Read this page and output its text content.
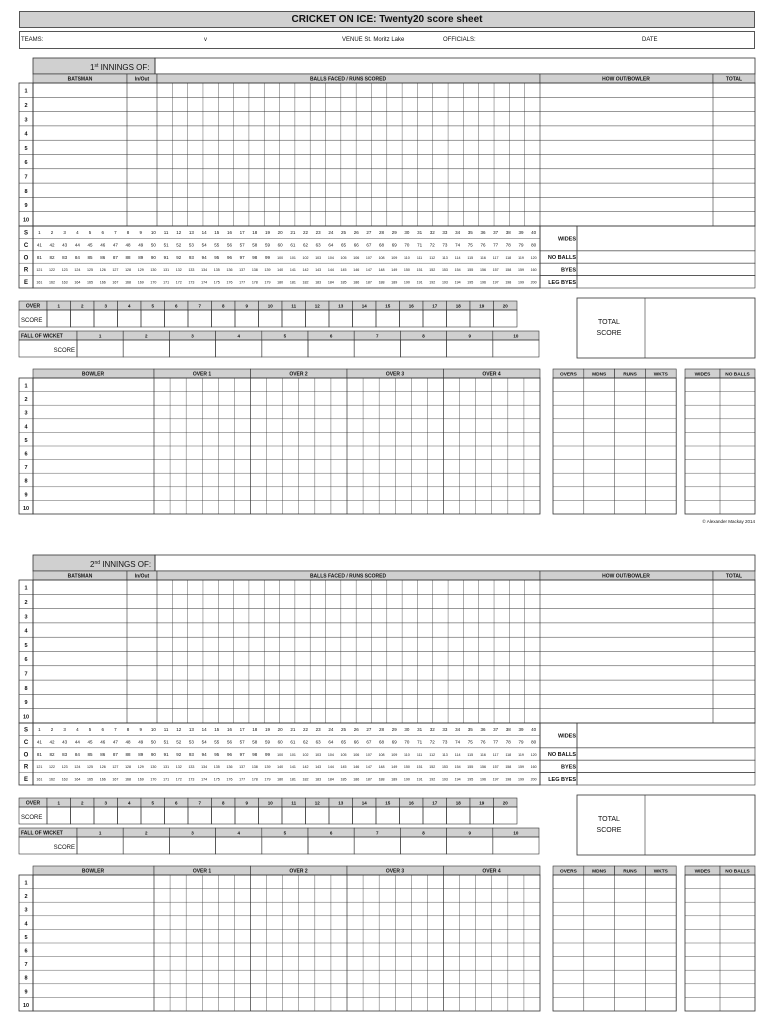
CRICKET ON ICE: Twenty20 score sheet
TEAMS:	v	VENUE St. Moritz Lake	OFFICIALS:	DATE
1st INNINGS OF:
BATSMAN	In/Out	BALLS FACED / RUNS SCORED	HOW OUT/BOWLER	TOTAL
1
2
3
4
5
6
7
8
9
10
S 1 2 3 4 5 6 7 8 9 10 11 12 13 14 15 16 17 18 19 20 21 22 23 24 25 26 27 28 29 30 31 32 33 34 35 36 37 38 39 40
C 41 42 43 44 45 46 47 48 49 50 51 52 53 54 55 56 57 58 59 60 61 62 63 64 65 66 67 68 69 70 71 72 73 74 75 76 77 78 79 80
O 81 82 83 84 85 86 87 88 89 90 91 92 93 94 95 96 97 98 99 100 101 102 103 104 105 106 107 108 109 110 111 112 113 114 115 116 117 118 119 120
R 121 122 123 124 125 126 127 128 129 130 131 132 133 134 135 136 137 138 139 140 141 142 143 144 145 146 147 148 149 150 151 152 153 154 155 156 157 158 159 160
E 161 162 163 164 165 166 167 168 169 170 171 172 173 174 175 176 177 178 179 180 181 182 183 184 185 186 187 188 189 190 191 192 193 194 195 196 197 198 199 200
WIDES
NO BALLS
BYES
LEG BYES
OVER	1	2	3	4	5	6	7	8	9	10	11	12	13	14	15	16	17	18	19	20
SCORE
FALL OF WICKET
SCORE
1	2	3	4	5	6	7	8	9	10
TOTAL
SCORE
BOWLER	OVER 1	OVER 2	OVER 3	OVER 4
1
2
3
4
5
6
7
8
9
10
OVERS	MDNS	RUNS	WKTS	WIDES	NO BALLS
© Alexander Mackay 2014
2nd INNINGS OF:
BATSMAN	In/Out	BALLS FACED / RUNS SCORED	HOW OUT/BOWLER	TOTAL
1
2
3
4
5
6
7
8
9
10
S 1 2 3 4 5 6 7 8 9 10 11 12 13 14 15 16 17 18 19 20 21 22 23 24 25 26 27 28 29 30 31 32 33 34 35 36 37 38 39 40
C 41 42 43 44 45 46 47 48 49 50 51 52 53 54 55 56 57 58 59 60 61 62 63 64 65 66 67 68 69 70 71 72 73 74 75 76 77 78 79 80
O 81 82 83 84 85 86 87 88 89 90 91 92 93 94 95 96 97 98 99 100 101 102 103 104 105 106 107 108 109 110 111 112 113 114 115 116 117 118 119 120
R 121 122 123 124 125 126 127 128 129 130 131 132 133 134 135 136 137 138 139 140 141 142 143 144 145 146 147 148 149 150 151 152 153 154 155 156 157 158 159 160
E 161 162 163 164 165 166 167 168 169 170 171 172 173 174 175 176 177 178 179 180 181 182 183 184 185 186 187 188 189 190 191 192 193 194 195 196 197 198 199 200
WIDES
NO BALLS
BYES
LEG BYES
OVER	1	2	3	4	5	6	7	8	9	10	11	12	13	14	15	16	17	18	19	20
SCORE
FALL OF WICKET
SCORE
1	2	3	4	5	6	7	8	9	10
TOTAL
SCORE
BOWLER	OVER 1	OVER 2	OVER 3	OVER 4
1
2
3
4
5
6
7
8
9
10
OVERS	MDNS	RUNS	WKTS	WIDES	NO BALLS
